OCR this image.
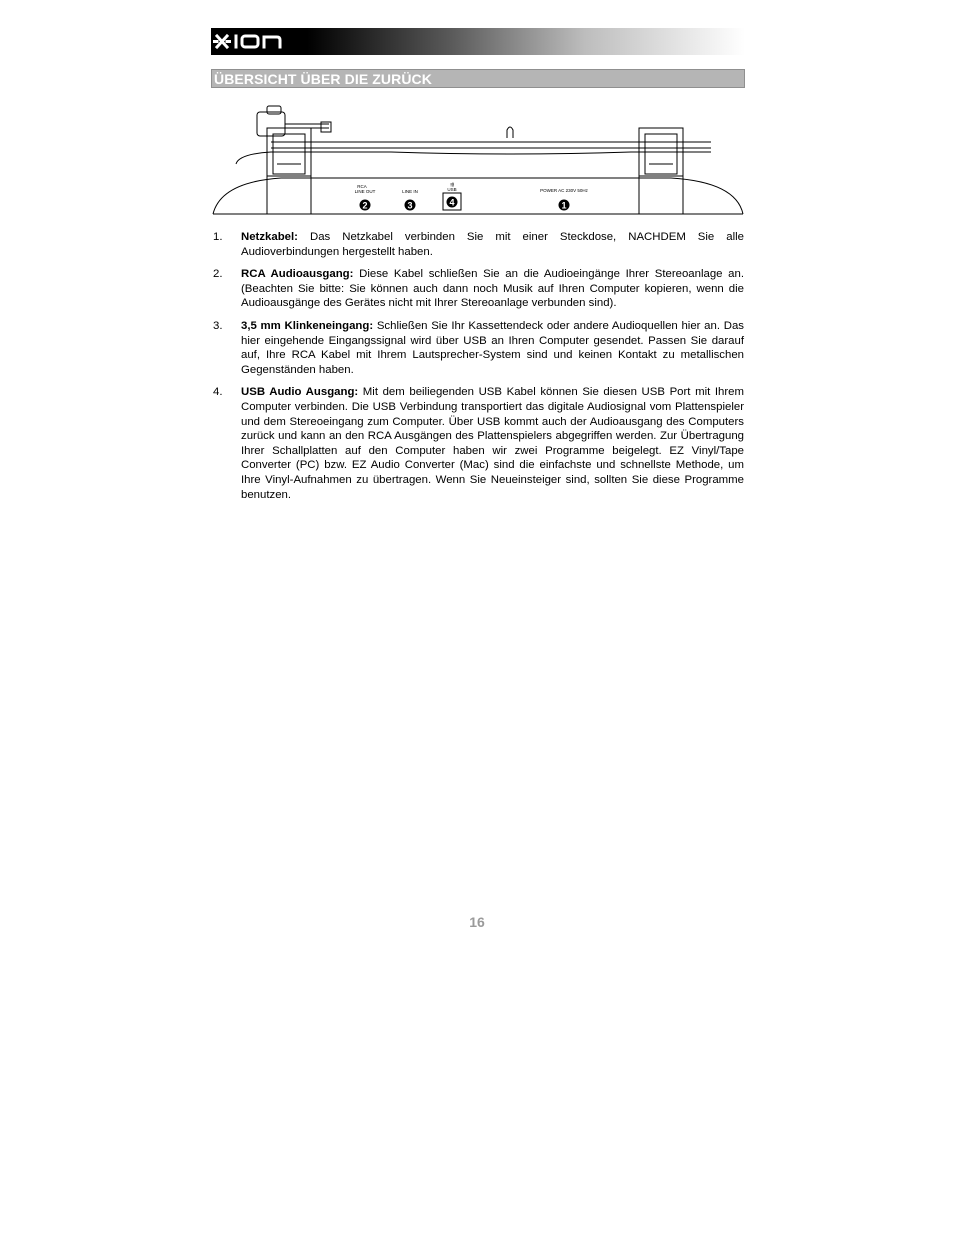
ÜBERSICHT ÜBER DIE ZURÜCK
RCA
LINE OUT	LINE IN
⇶
USB	POWER AC 230V 50Hz
2	3	4	1
1. Netzkabel: Das Netzkabel verbinden Sie mit einer Steckdose, NACHDEM Sie alle Audioverbindungen hergestellt haben.
2. RCA Audioausgang: Diese Kabel schließen Sie an die Audioeingänge Ihrer Stereoanlage an. (Beachten Sie bitte: Sie können auch dann noch Musik auf Ihren Computer kopieren, wenn die Audioausgänge des Gerätes nicht mit Ihrer Stereoanlage verbunden sind).
3. 3,5 mm Klinkeneingang: Schließen Sie Ihr Kassettendeck oder andere Audioquellen hier an. Das hier eingehende Eingangssignal wird über USB an Ihren Computer gesendet. Passen Sie darauf auf, Ihre RCA Kabel mit Ihrem Lautsprecher-System sind und keinen Kontakt zu metallischen Gegenständen haben.
4. USB Audio Ausgang: Mit dem beiliegenden USB Kabel können Sie diesen USB Port mit Ihrem Computer verbinden. Die USB Verbindung transportiert das digitale Audiosignal vom Plattenspieler und dem Stereoeingang zum Computer. Über USB kommt auch der Audioausgang des Computers zurück und kann an den RCA Ausgängen des Plattenspielers abgegriffen werden. Zur Übertragung Ihrer Schallplatten auf den Computer haben wir zwei Programme beigelegt. EZ Vinyl/Tape Converter (PC) bzw. EZ Audio Converter (Mac) sind die einfachste und schnellste Methode, um Ihre Vinyl-Aufnahmen zu übertragen. Wenn Sie Neueinsteiger sind, sollten Sie diese Programme benutzen.
16
